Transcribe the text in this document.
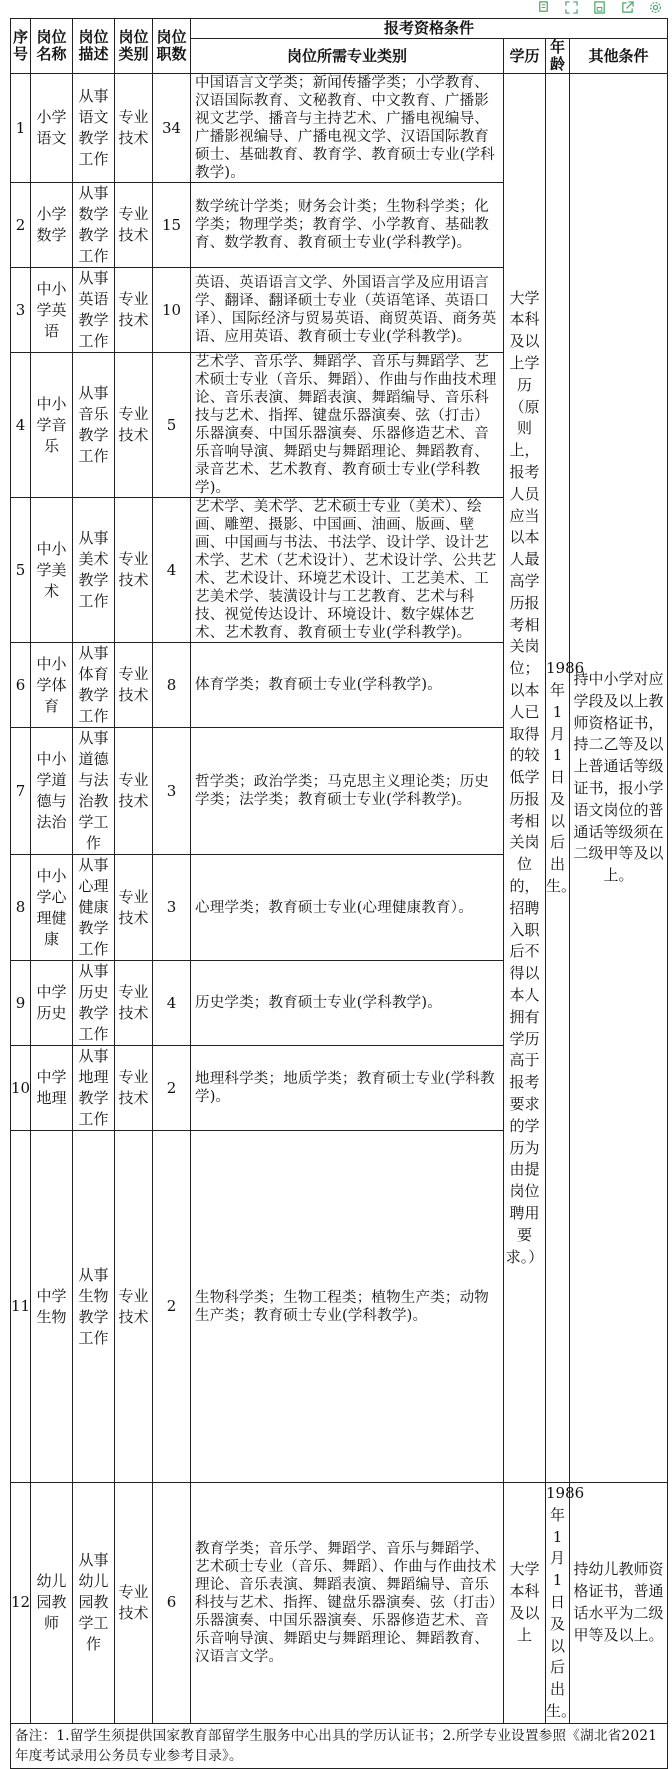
序号	岗位名称	岗位描述	岗位类别	岗位职数	报考资格条件			
					岗位所需专业类别	学历	年龄	其他条件
1	小学语文	从事语文教学工作	专业技术	34	中国语言文学类；新闻传播学类；小学教育、汉语国际教育、文秘教育、中文教育、广播影视文艺学、播音与主持艺术、广播电视编导、广播影视编导、广播电视文学、汉语国际教育硕士、基础教育、教育学、教育硕士专业(学科教学)。	大学本科及以上学历（原则上，报考人员应当以本人最高学历报考相关岗位；以本人已取得的较低学历报考相关岗位的，招聘入职后不得以本人拥有学历高于报考要求的学历为由提岗位聘用要求。）	1986年1月1日及以后出生。	持中小学对应学段及以上教师资格证书，持二乙等及以上普通话等级证书，报小学语文岗位的普通话等级须在二级甲等及以上。
2	小学数学	从事数学教学工作	专业技术	15	数学统计学类；财务会计类；生物科学类；化学类；物理学类；教育学、小学教育、基础教育、数学教育、教育硕士专业(学科教学)。			
3	中小学英语	从事英语教学工作	专业技术	10	英语、英语语言文学、外国语言学及应用语言学、翻译、翻译硕士专业（英语笔译、英语口译）、国际经济与贸易英语、商贸英语、商务英语、应用英语、教育硕士专业(学科教学)。			
4	中小学音乐	从事音乐教学工作	专业技术	5	艺术学、音乐学、舞蹈学、音乐与舞蹈学、艺术硕士专业（音乐、舞蹈）、作曲与作曲技术理论、音乐表演、舞蹈表演、舞蹈编导、音乐科技与艺术、指挥、键盘乐器演奏、弦（打击）乐器演奏、中国乐器演奏、乐器修造艺术、音乐音响导演、舞蹈史与舞蹈理论、舞蹈教育、录音艺术、艺术教育、教育硕士专业(学科教学)。			
5	中小学美术	从事美术教学工作	专业技术	4	艺术学、美术学、艺术硕士专业（美术）、绘画、雕塑、摄影、中国画、油画、版画、壁画、中国画与书法、书法学、设计学、设计艺术学、艺术（艺术设计）、艺术设计学、公共艺术、艺术设计、环境艺术设计、工艺美术、工艺美术学、装潢设计与工艺教育、艺术与科技、视觉传达设计、环境设计、数字媒体艺术、艺术教育、教育硕士专业(学科教学)。			
6	中小学体育	从事体育教学工作	专业技术	8	体育学类；教育硕士专业(学科教学)。			
7	中小学道德与法治	从事道德与法治教学工作	专业技术	3	哲学类；政治学类；马克思主义理论类；历史学类；法学类；教育硕士专业(学科教学)。			
8	中小学心理健康	从事心理健康教学工作	专业技术	3	心理学类；教育硕士专业(心理健康教育）。			
9	中学历史	从事历史教学工作	专业技术	4	历史学类；教育硕士专业(学科教学)。			
10	中学地理	从事地理教学工作	专业技术	2	地理科学类；地质学类；教育硕士专业(学科教学)。			
11	中学生物	从事生物教学工作	专业技术	2	生物科学类；生物工程类；植物生产类；动物生产类；教育硕士专业(学科教学)。			
12	幼儿园教师	从事幼儿园教学工作	专业技术	6	教育学类；音乐学、舞蹈学、音乐与舞蹈学、艺术硕士专业（音乐、舞蹈）、作曲与作曲技术理论、音乐表演、舞蹈表演、舞蹈编导、音乐科技与艺术、指挥、键盘乐器演奏、弦（打击）乐器演奏、中国乐器演奏、乐器修造艺术、音乐音响导演、舞蹈史与舞蹈理论、舞蹈教育、汉语言文学。	大学本科及以上	1986年1月1日及以后出生。	持幼儿教师资格证书，普通话水平为二级甲等及以上。
备注：1.留学生须提供国家教育部留学生服务中心出具的学历认证书；2.所学专业设置参照《湖北省2021年度考试录用公务员专业参考目录》。								
